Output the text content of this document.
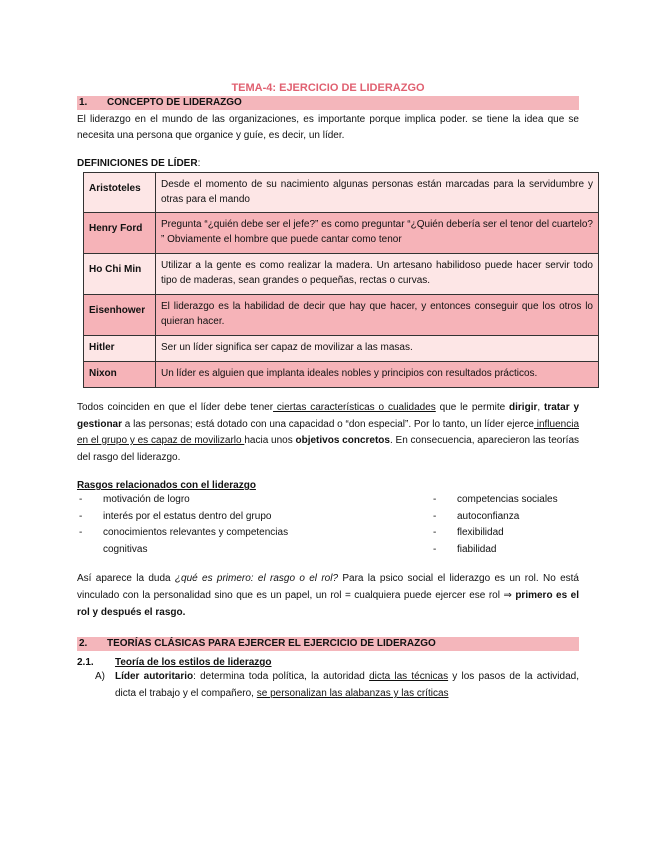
TEMA-4: EJERCICIO DE LIDERAZGO
1.	CONCEPTO DE LIDERAZGO
El liderazgo en el mundo de las organizaciones, es importante porque implica poder. se tiene la idea que se necesita una persona que organice y guíe, es decir, un líder.
DEFINICIONES DE LÍDER:
Aristoteles	Desde el momento de su nacimiento algunas personas están marcadas para la servidumbre y otras para el mando
Henry Ford	Pregunta “¿quién debe ser el jefe?” es como preguntar “¿Quién debería ser el tenor del cuartelo? ” Obviamente el hombre que puede cantar como tenor
Ho Chi Min	Utilizar a la gente es como realizar la madera. Un artesano habilidoso puede hacer servir todo tipo de maderas, sean grandes o pequeñas, rectas o curvas.
Eisenhower	El liderazgo es la habilidad de decir que hay que hacer, y entonces conseguir que los otros lo quieran hacer.
Hitler	Ser un líder significa ser capaz de movilizar a las masas.
Nixon	Un líder es alguien que implanta ideales nobles y principios con resultados prácticos.
Todos coinciden en que el líder debe tener ciertas características o cualidades que le permite dirigir, tratar y gestionar a las personas; está dotado con una capacidad o “don especial”. Por lo tanto, un líder ejerce influencia en el grupo y es capaz de movilizarlo hacia unos objetivos concretos. En consecuencia, aparecieron las teorías del rasgo del liderazgo.
Rasgos relacionados con el liderazgo
-	motivación de logro
-	interés por el estatus dentro del grupo
-	conocimientos relevantes y competencias
cognitivas
-	competencias sociales
-	autoconfianza
-	flexibilidad
-	fiabilidad
Así aparece la duda ¿qué es primero: el rasgo o el rol? Para la psico social el liderazgo es un rol. No está vinculado con la personalidad sino que es un papel, un rol = cualquiera puede ejercer ese rol ⇒ primero es el rol y después el rasgo.
2.	TEORÍAS CLÁSICAS PARA EJERCER EL EJERCICIO DE LIDERAZGO
2.1.	Teoría de los estilos de liderazgo
A)	Líder autoritario: determina toda política, la autoridad dicta las técnicas y los pasos de la actividad, dicta el trabajo y el compañero, se personalizan las alabanzas y las críticas
